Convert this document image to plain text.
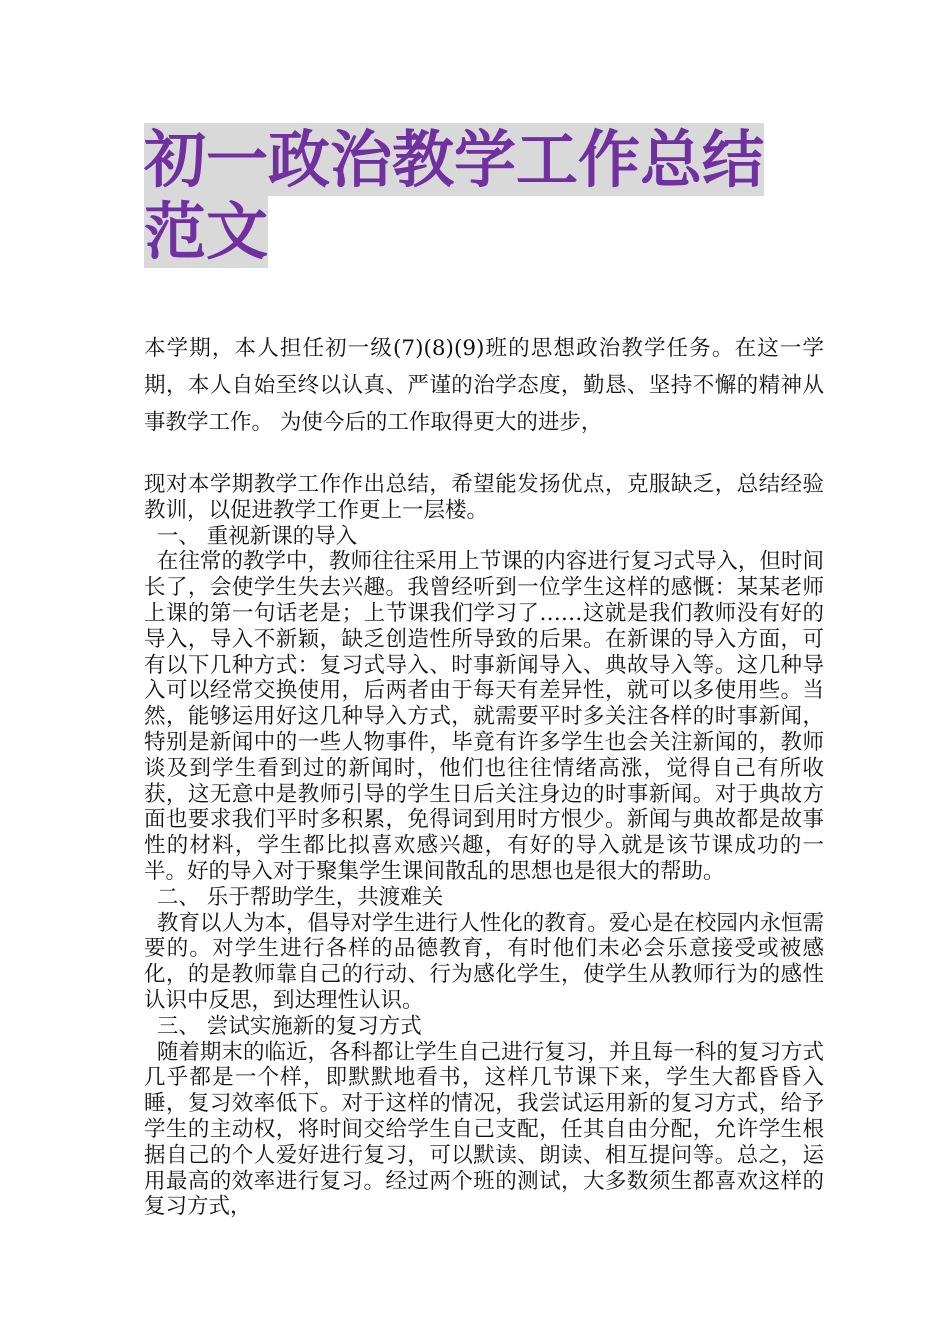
初一政治教学工作总结范文

本学期，本人担任初一级(7)(8)(9)班的思想政治教学任务。在这一学期，本人自始至终以认真、严谨的治学态度，勤恳、坚持不懈的精神从事教学工作。 为使今后的工作取得更大的进步，

现对本学期教学工作作出总结，希望能发扬优点，克服缺乏，总结经验教训，以促进教学工作更上一层楼。

一、 重视新课的导入

在往常的教学中，教师往往采用上节课的内容进行复习式导入，但时间长了，会使学生失去兴趣。我曾经听到一位学生这样的感慨：某某老师上课的第一句话老是；上节课我们学习了……这就是我们教师没有好的导入，导入不新颖，缺乏创造性所导致的后果。在新课的导入方面，可有以下几种方式：复习式导入、时事新闻导入、典故导入等。这几种导入可以经常交换使用，后两者由于每天有差异性，就可以多使用些。当然，能够运用好这几种导入方式，就需要平时多关注各样的时事新闻，特别是新闻中的一些人物事件，毕竟有许多学生也会关注新闻的，教师谈及到学生看到过的新闻时，他们也往往情绪高涨，觉得自己有所收获，这无意中是教师引导的学生日后关注身边的时事新闻。对于典故方面也要求我们平时多积累，免得词到用时方恨少。新闻与典故都是故事性的材料，学生都比拟喜欢感兴趣，有好的导入就是该节课成功的一半。好的导入对于聚集学生课间散乱的思想也是很大的帮助。

二、 乐于帮助学生，共渡难关

教育以人为本，倡导对学生进行人性化的教育。爱心是在校园内永恒需要的。对学生进行各样的品德教育，有时他们未必会乐意接受或被感化，的是教师靠自己的行动、行为感化学生，使学生从教师行为的感性认识中反思，到达理性认识。

三、 尝试实施新的复习方式

随着期末的临近，各科都让学生自己进行复习，并且每一科的复习方式几乎都是一个样，即默默地看书，这样几节课下来，学生大都昏昏入睡，复习效率低下。对于这样的情况，我尝试运用新的复习方式，给予学生的主动权，将时间交给学生自己支配，任其自由分配，允许学生根据自己的个人爱好进行复习，可以默读、朗读、相互提问等。总之，运用最高的效率进行复习。经过两个班的测试，大多数须生都喜欢这样的复习方式，
